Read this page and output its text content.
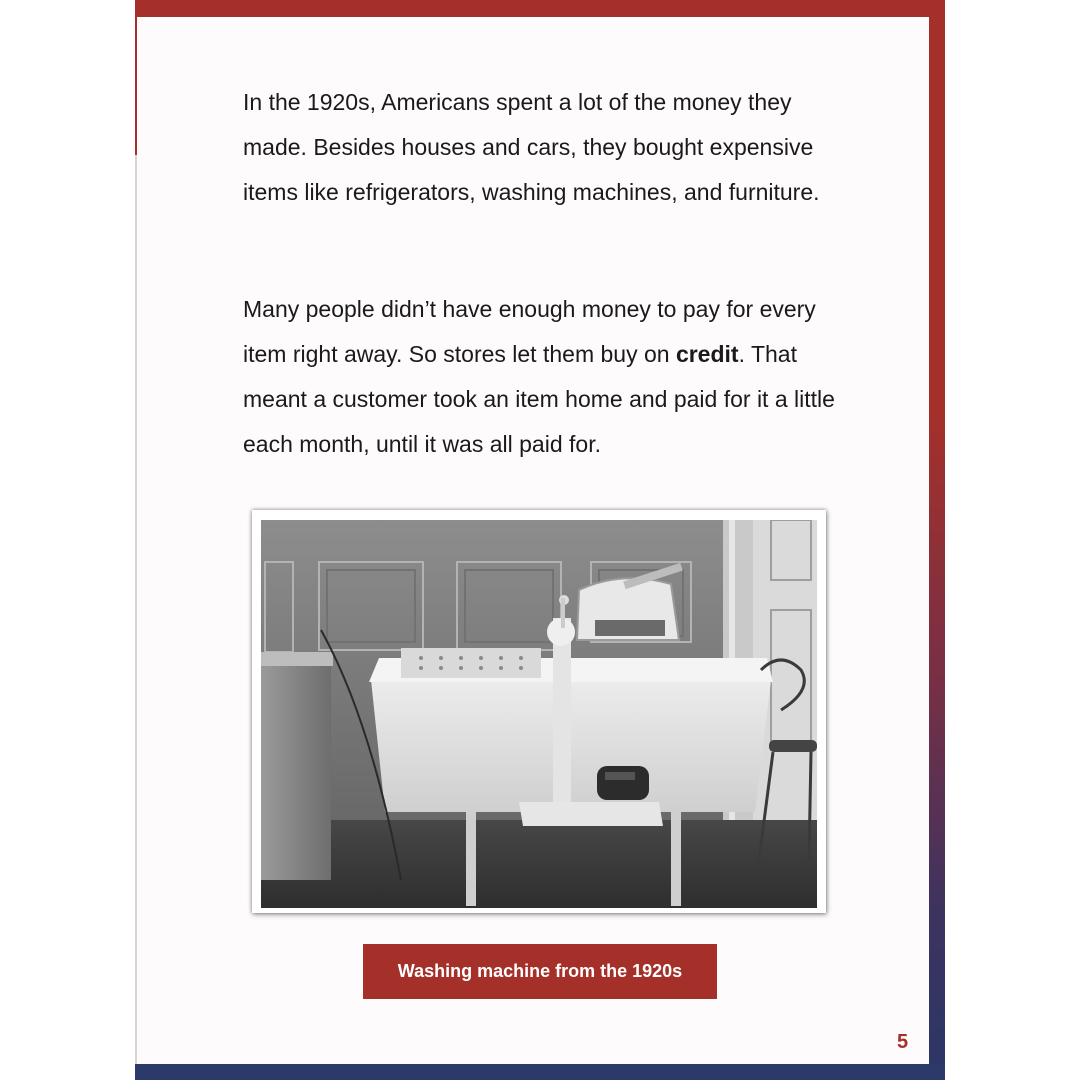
In the 1920s, Americans spent a lot of the money they made. Besides houses and cars, they bought expensive items like refrigerators, washing machines, and furniture.

Many people didn’t have enough money to pay for every item right away. So stores let them buy on credit. That meant a customer took an item home and paid for it a little each month, until it was all paid for.

Washing machine from the 1920s
5
